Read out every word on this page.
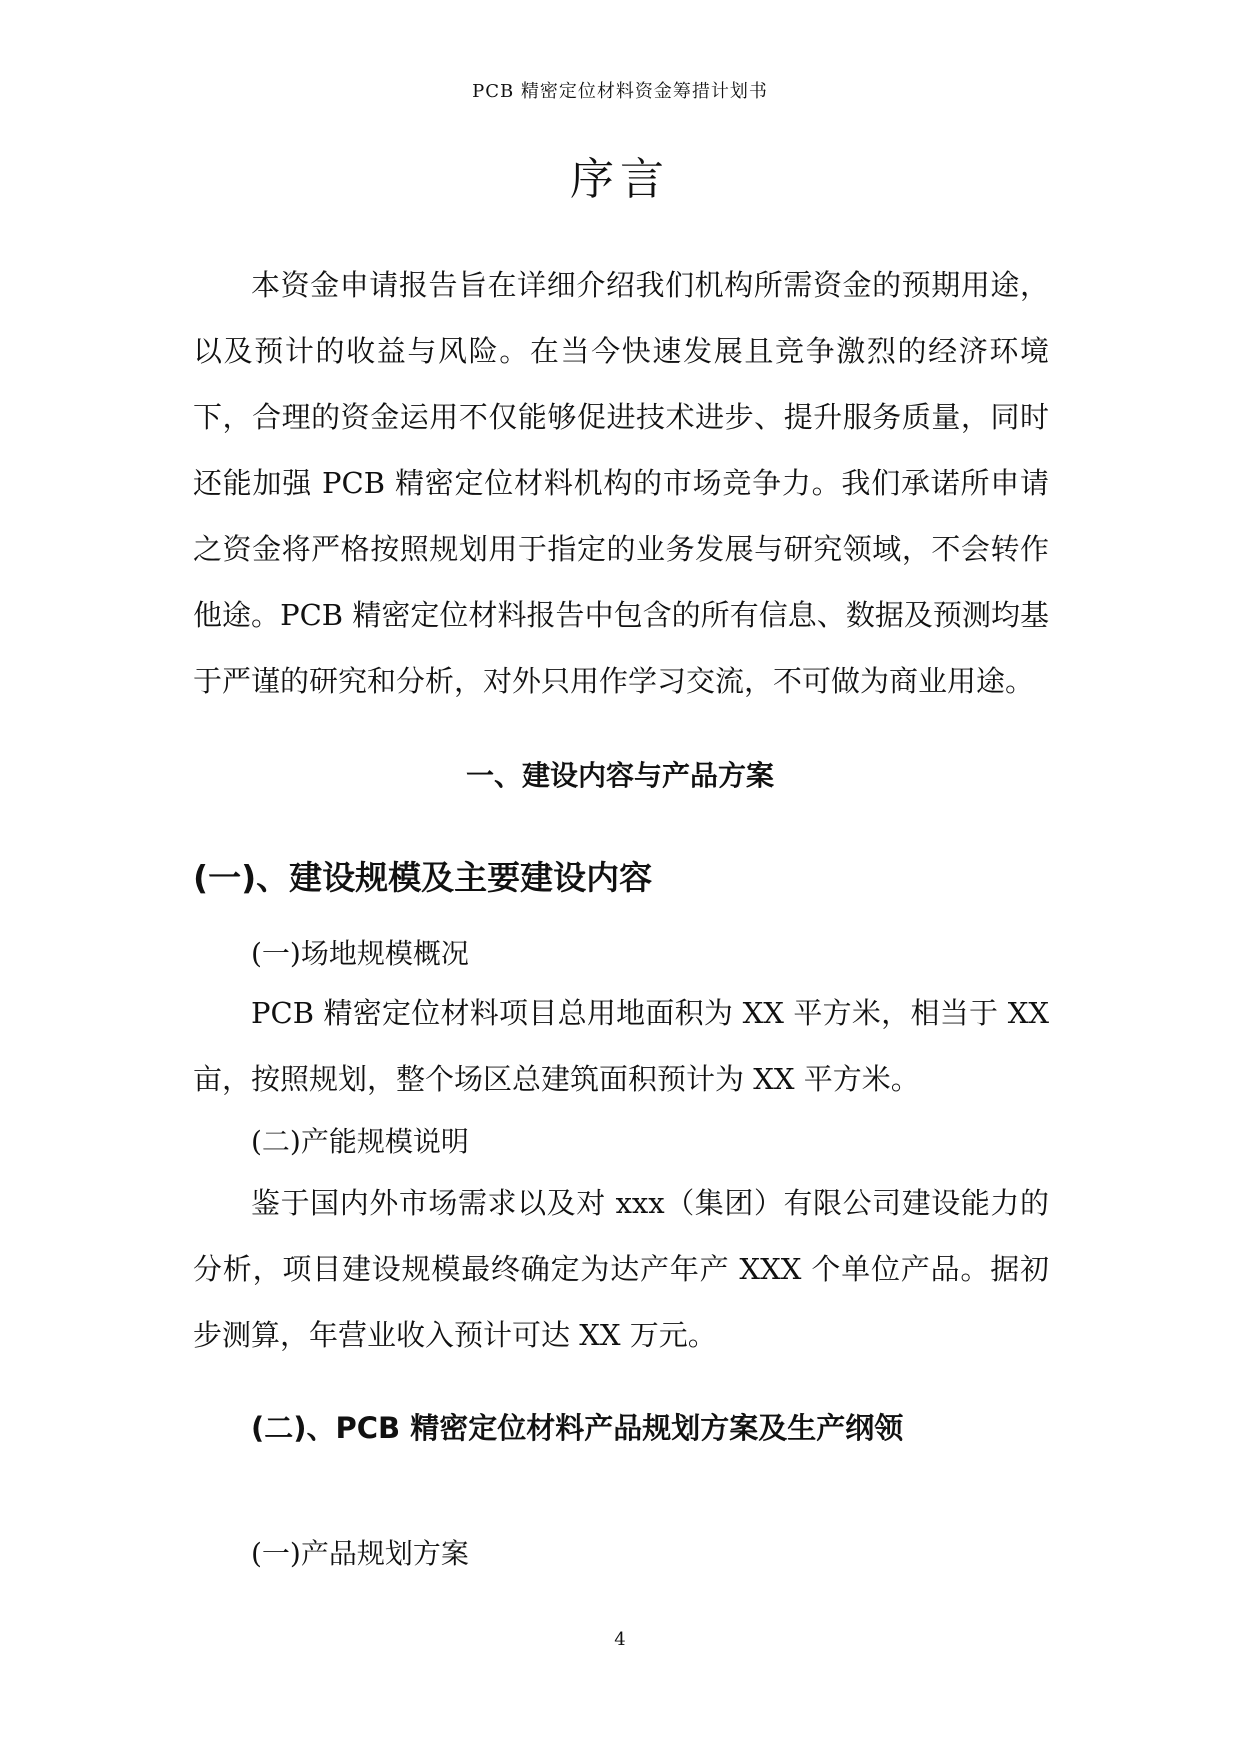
PCB 精密定位材料资金筹措计划书
序言

本资金申请报告旨在详细介绍我们机构所需资金的预期用途，以及预计的收益与风险。在当今快速发展且竞争激烈的经济环境下，合理的资金运用不仅能够促进技术进步、提升服务质量，同时还能加强 PCB 精密定位材料机构的市场竞争力。我们承诺所申请之资金将严格按照规划用于指定的业务发展与研究领域，不会转作他途。PCB 精密定位材料报告中包含的所有信息、数据及预测均基于严谨的研究和分析，对外只用作学习交流，不可做为商业用途。

一、建设内容与产品方案
(一)、建设规模及主要建设内容
(一)场地规模概况

PCB 精密定位材料项目总用地面积为 XX 平方米，相当于 XX 亩，按照规划，整个场区总建筑面积预计为 XX 平方米。

(二)产能规模说明

鉴于国内外市场需求以及对 xxx（集团）有限公司建设能力的分析，项目建设规模最终确定为达产年产 XXX 个单位产品。据初步测算，年营业收入预计可达 XX 万元。

(二)、PCB 精密定位材料产品规划方案及生产纲领
(一)产品规划方案
4
